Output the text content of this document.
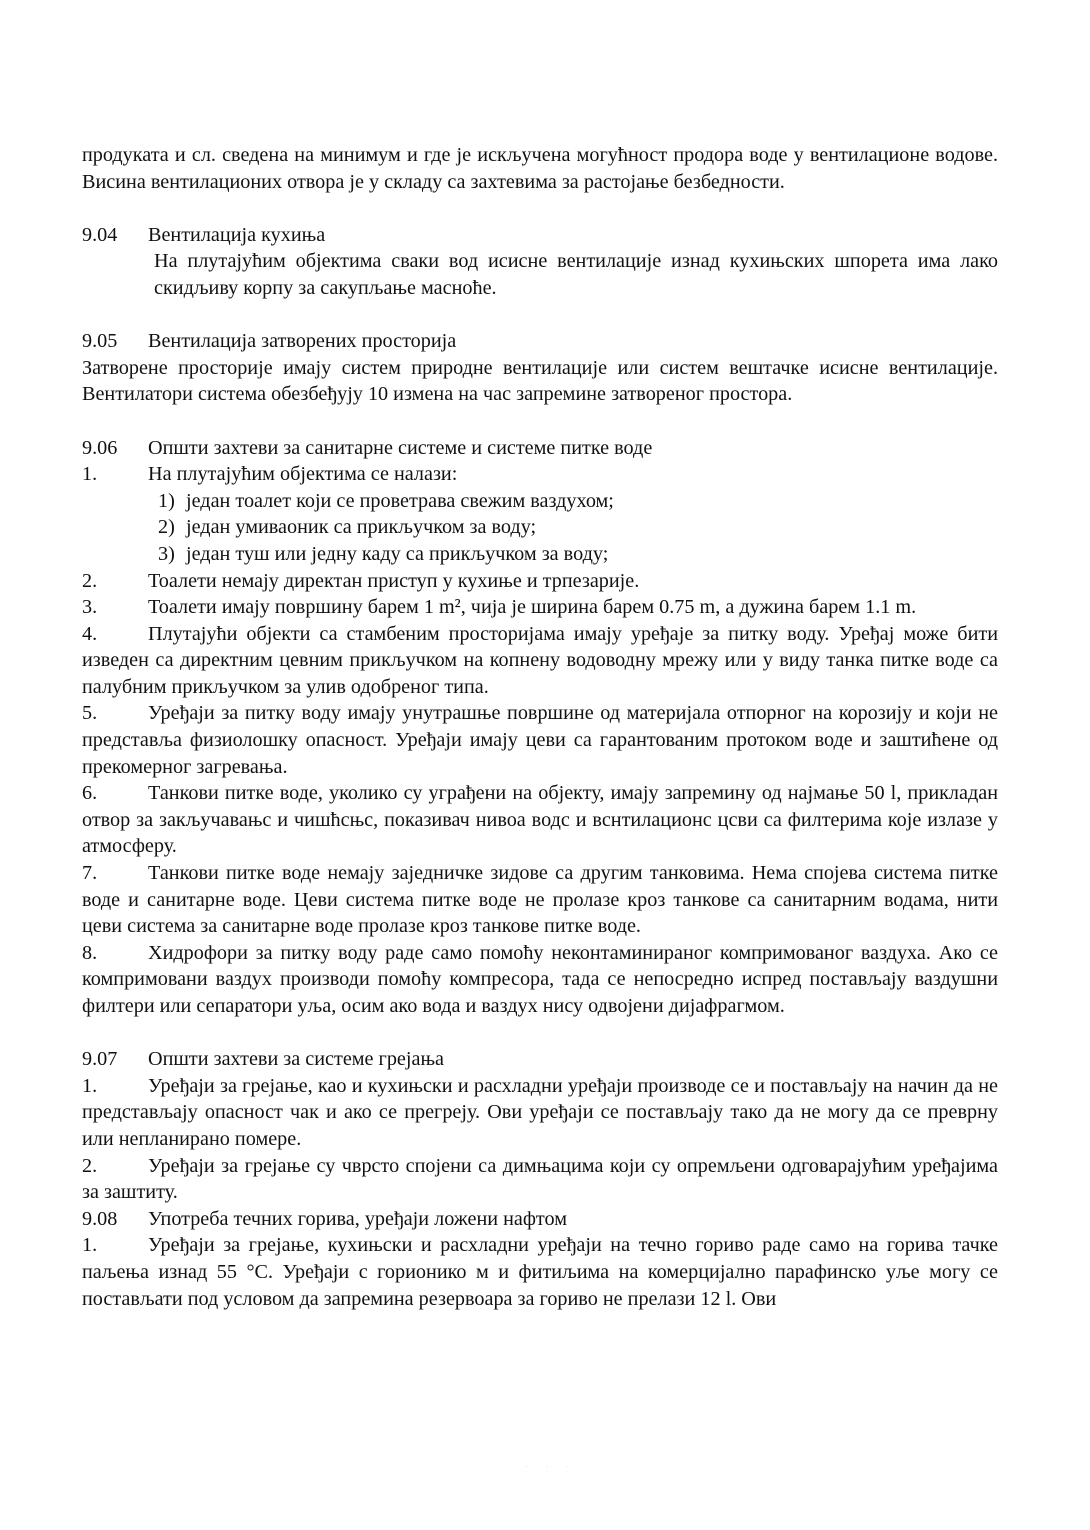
продуката и сл. сведена на минимум и где је искључена могућност продора воде у вентилационе водове. Висина вентилационих отвора је у складу са захтевима за растојање безбедности.

9.04	Вентилација кухиња

На плутајућим објектима сваки вод исисне вентилације изнад кухињских шпорета има лако скидљиву корпу за сакупљање масноће.

9.05	Вентилација затворених просторија

Затворене просторије имају систем природне вентилације или систем вештачке исисне вентилације. Вентилатори система обезбеђују 10 измена на час запремине затвореног простора.

9.06	Општи захтеви за санитарне системе и системе питке воде

1.	На плутајућим објектима се налази:

1) један тоалет који се проветрава свежим ваздухом;

2) један умиваоник са прикључком за воду;

3) један туш или једну каду са прикључком за воду;

2.	Тоалети немају директан приступ у кухиње и трпезарије.

3.	Тоалети имају површину барем 1 m², чија је ширина барем 0.75 m, а дужина барем 1.1 m.

4.	Плутајући објекти са стамбеним просторијама имају уређаје за питку воду. Уређај може бити изведен са директним цевним прикључком на копнену водоводну мрежу или у виду танка питке воде са палубним прикључком за улив одобреног типа.

5.	Уређаји за питку воду имају унутрашње површине од материјала отпорног на корозију и који не представља физиолошку опасност. Уређаји имају цеви са гарантованим протоком воде и заштићене од прекомерног загревања.

6.	Танкови питке воде, уколико су уграђени на објекту, имају запремину од најмање 50 l, прикладан отвор за закључавањс и чишћсњс, показивач нивоа водс и вснтилационс цсви са филтерима које излазе у атмосферу.

7.	Танкови питке воде немају заједничке зидове са другим танковима. Нема спојева система питке воде и санитарне воде. Цеви система питке воде не пролазе кроз танкове са санитарним водама, нити цеви система за санитарне воде пролазе кроз танкове питке воде.

8.	Хидрофори за питку воду раде само помоћу неконтаминираног компримованог ваздуха. Ако се компримовани ваздух производи помоћу компресора, тада се непосредно испред постављају ваздушни филтери или сепаратори уља, осим ако вода и ваздух нису одвојени дијафрагмом.

9.07	Општи захтеви за системе грејања

1.	Уређаји за грејање, као и кухињски и расхладни уређаји производе се и постављају на начин да не представљају опасност чак и ако се прегреју. Ови уређаји се постављају тако да не могу да се преврну или непланирано помере.

2.	Уређаји за грејање су чврсто спојени са димњацима који су опремљени одговарајућим уређајима за заштиту.

9.08	Употреба течних горива, уређаји ложени нафтом

1.	Уређаји за грејање, кухињски и расхладни уређаји на течно гориво раде само на горива тачке паљења изнад 55 °C. Уређаји с горионико м и фитиљима на комерцијално парафинско уље могу се постављати под условом да запремина резервоара за гориво не прелази 12 l. Ови

- - -
